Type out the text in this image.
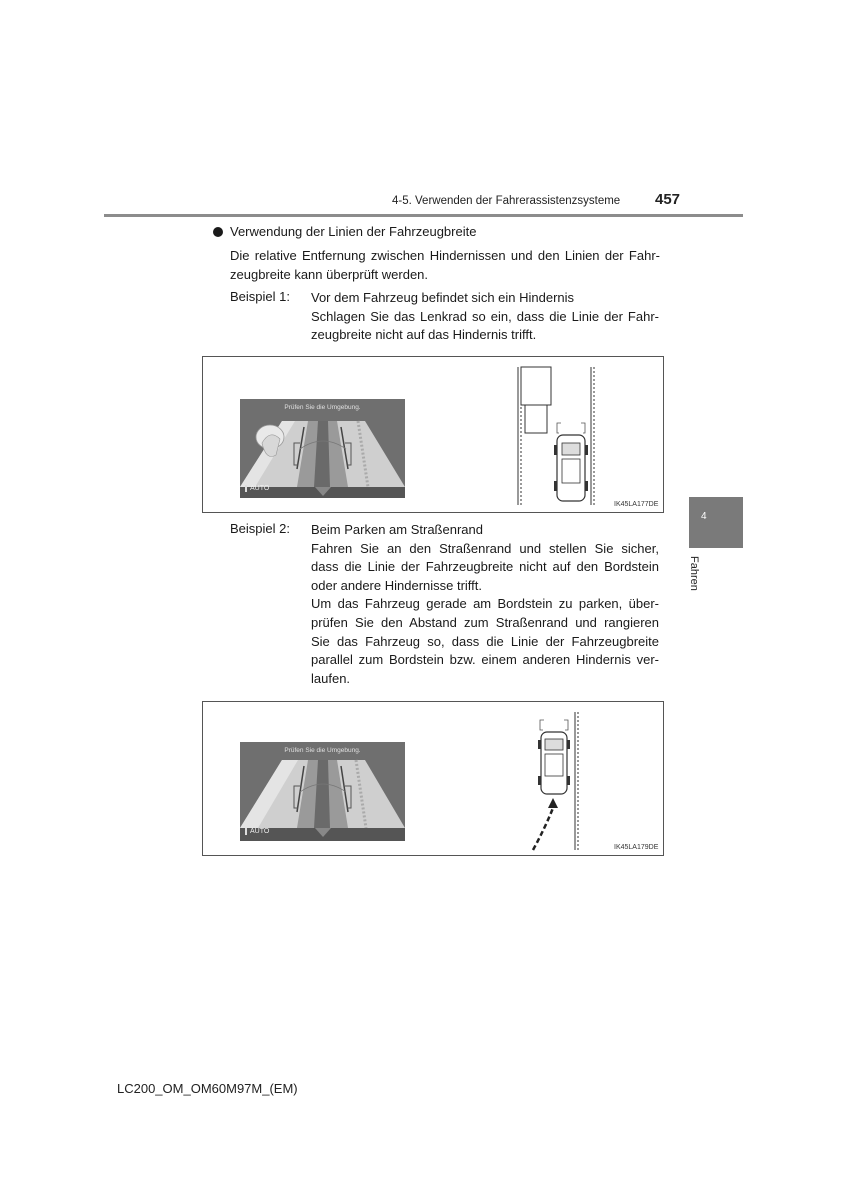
4-5. Verwenden der Fahrerassistenzsysteme 457
4
Fahren
Verwendung der Linien der Fahrzeugbreite
Die relative Entfernung zwischen Hindernissen und den Linien der Fahr-
zeugbreite kann überprüft werden.
Beispiel 1: Vor dem Fahrzeug befindet sich ein Hindernis
Schlagen Sie das Lenkrad so ein, dass die Linie der Fahr-
zeugbreite nicht auf das Hindernis trifft.
Prüfen Sie die Umgebung.
AUTO
IK45LA177DE
Beispiel 2: Beim Parken am Straßenrand
Fahren Sie an den Straßenrand und stellen Sie sicher,
dass die Linie der Fahrzeugbreite nicht auf den Bordstein
oder andere Hindernisse trifft.
Um das Fahrzeug gerade am Bordstein zu parken, über-
prüfen Sie den Abstand zum Straßenrand und rangieren
Sie das Fahrzeug so, dass die Linie der Fahrzeugbreite
parallel zum Bordstein bzw. einem anderen Hindernis ver-
laufen.
Prüfen Sie die Umgebung.
AUTO
IK45LA179DE
LC200_OM_OM60M97M_(EM)
